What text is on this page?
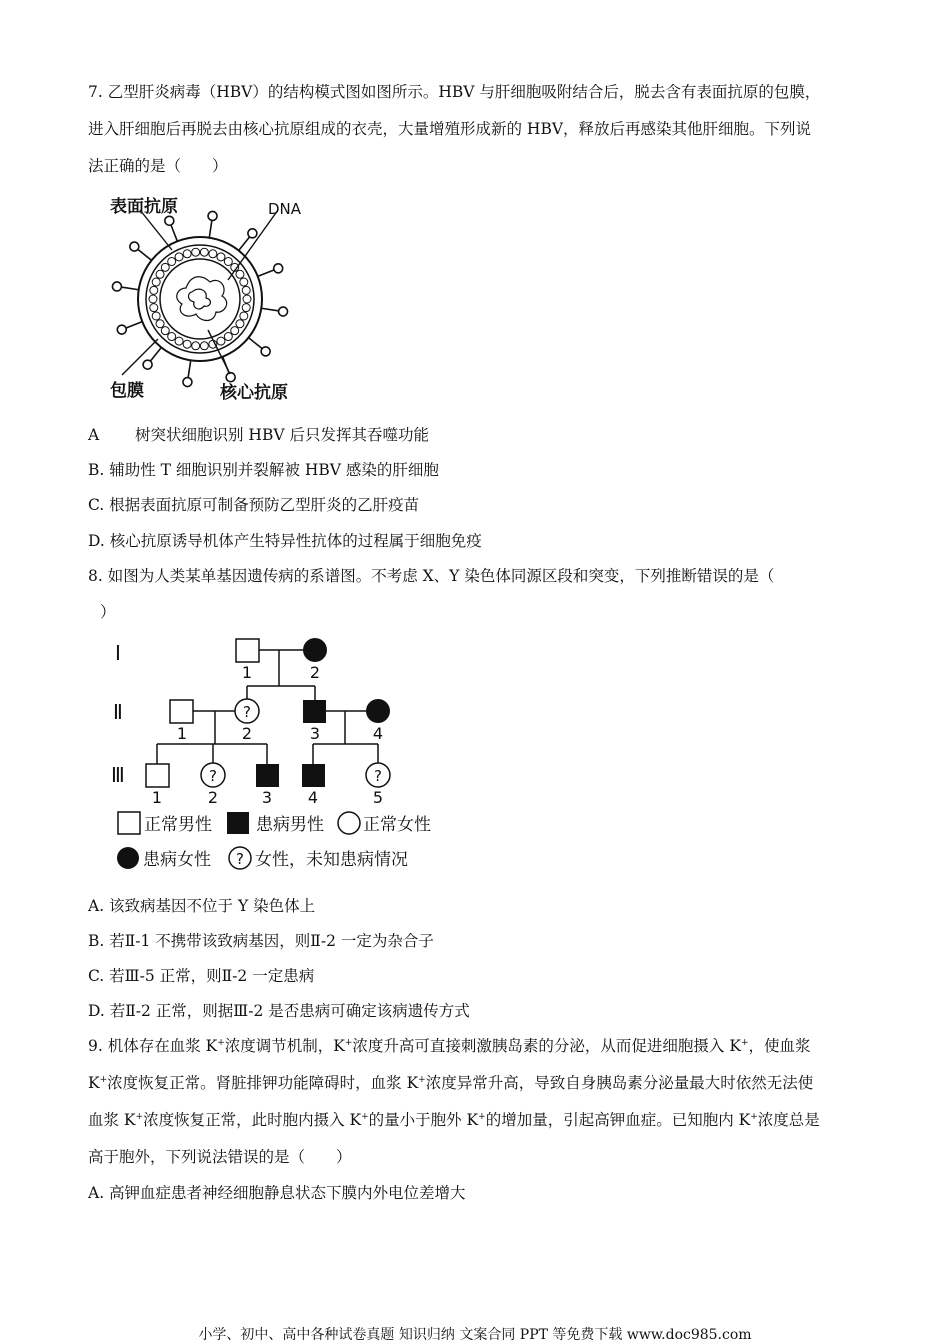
7. 乙型肝炎病毒（HBV）的结构模式图如图所示。HBV 与肝细胞吸附结合后，脱去含有表面抗原的包膜，
进入肝细胞后再脱去由核心抗原组成的衣壳，大量增殖形成新的 HBV，释放后再感染其他肝细胞。下列说
法正确的是（　　）
表面抗原	DNA
包膜	核心抗原
A 树突状细胞识别 HBV 后只发挥其吞噬功能
B. 辅助性 T 细胞识别并裂解被 HBV 感染的肝细胞
C. 根据表面抗原可制备预防乙型肝炎的乙肝疫苗
D. 核心抗原诱导机体产生特异性抗体的过程属于细胞免疫
8. 如图为人类某单基因遗传病的系谱图。不考虑 X、Y 染色体同源区段和突变，下列推断错误的是（
）
Ⅰ
Ⅱ
Ⅲ
?
?	?
1	2
1	2	3	4
1	2	3 4	5
正常男性	患病男性 正常女性
患病女性 ? 女性，未知患病情况
A. 该致病基因不位于 Y 染色体上
B. 若Ⅱ-1 不携带该致病基因，则Ⅱ-2 一定为杂合子
C. 若Ⅲ-5 正常，则Ⅱ-2 一定患病
D. 若Ⅱ-2 正常，则据Ⅲ-2 是否患病可确定该病遗传方式
9. 机体存在血浆 K+浓度调节机制，K+浓度升高可直接刺激胰岛素的分泌，从而促进细胞摄入 K+，使血浆
K+浓度恢复正常。肾脏排钾功能障碍时，血浆 K+浓度异常升高，导致自身胰岛素分泌量最大时依然无法使
血浆 K+浓度恢复正常，此时胞内摄入 K+的量小于胞外 K+的增加量，引起高钾血症。已知胞内 K+浓度总是
高于胞外，下列说法错误的是（　　）
A. 高钾血症患者神经细胞静息状态下膜内外电位差增大
小学、初中、高中各种试卷真题 知识归纳 文案合同 PPT 等免费下载 www.doc985.com
